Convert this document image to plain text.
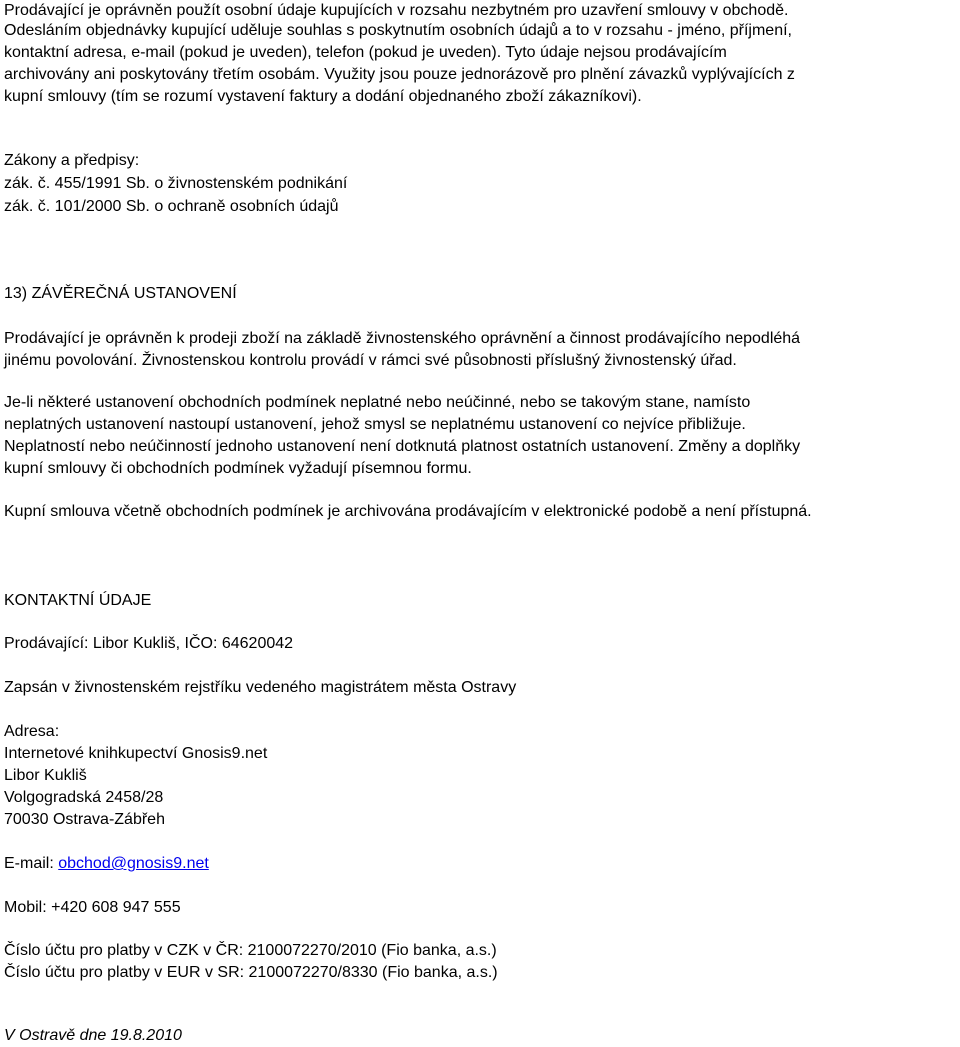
Prodávající je oprávněn použít osobní údaje kupujících v rozsahu nezbytném pro uzavření smlouvy v obchodě.
Odesláním objednávky kupující uděluje souhlas s poskytnutím osobních údajů a to v rozsahu - jméno, příjmení,
kontaktní adresa, e-mail (pokud je uveden), telefon (pokud je uveden). Tyto údaje nejsou prodávajícím
archivovány ani poskytovány třetím osobám. Využity jsou pouze jednorázově pro plnění závazků vyplývajících z
kupní smlouvy (tím se rozumí vystavení faktury a dodání objednaného zboží zákazníkovi).
Zákony a předpisy:
zák. č. 455/1991 Sb. o živnostenském podnikání
zák. č. 101/2000 Sb. o ochraně osobních údajů
13) ZÁVĚREČNÁ USTANOVENÍ
Prodávající je oprávněn k prodeji zboží na základě živnostenského oprávnění a činnost prodávajícího nepodléhá
jinému povolování. Živnostenskou kontrolu provádí v rámci své působnosti příslušný živnostenský úřad.
Je-li některé ustanovení obchodních podmínek neplatné nebo neúčinné, nebo se takovým stane, namísto
neplatných ustanovení nastoupí ustanovení, jehož smysl se neplatnému ustanovení co nejvíce přibližuje.
Neplatností nebo neúčinností jednoho ustanovení není dotknutá platnost ostatních ustanovení. Změny a doplňky
kupní smlouvy či obchodních podmínek vyžadují písemnou formu.
Kupní smlouva včetně obchodních podmínek je archivována prodávajícím v elektronické podobě a není přístupná.
KONTAKTNÍ ÚDAJE
Prodávající: Libor Kukliš, IČO: 64620042
Zapsán v živnostenském rejstříku vedeného magistrátem města Ostravy
Adresa:
Internetové knihkupectví Gnosis9.net
Libor Kukliš
Volgogradská 2458/28
70030 Ostrava-Zábřeh
E-mail: obchod@gnosis9.net
Mobil: +420 608 947 555
Číslo účtu pro platby v CZK v ČR: 2100072270/2010 (Fio banka, a.s.)
Číslo účtu pro platby v EUR v SR: 2100072270/8330 (Fio banka, a.s.)
V Ostravě dne 19.8.2010
